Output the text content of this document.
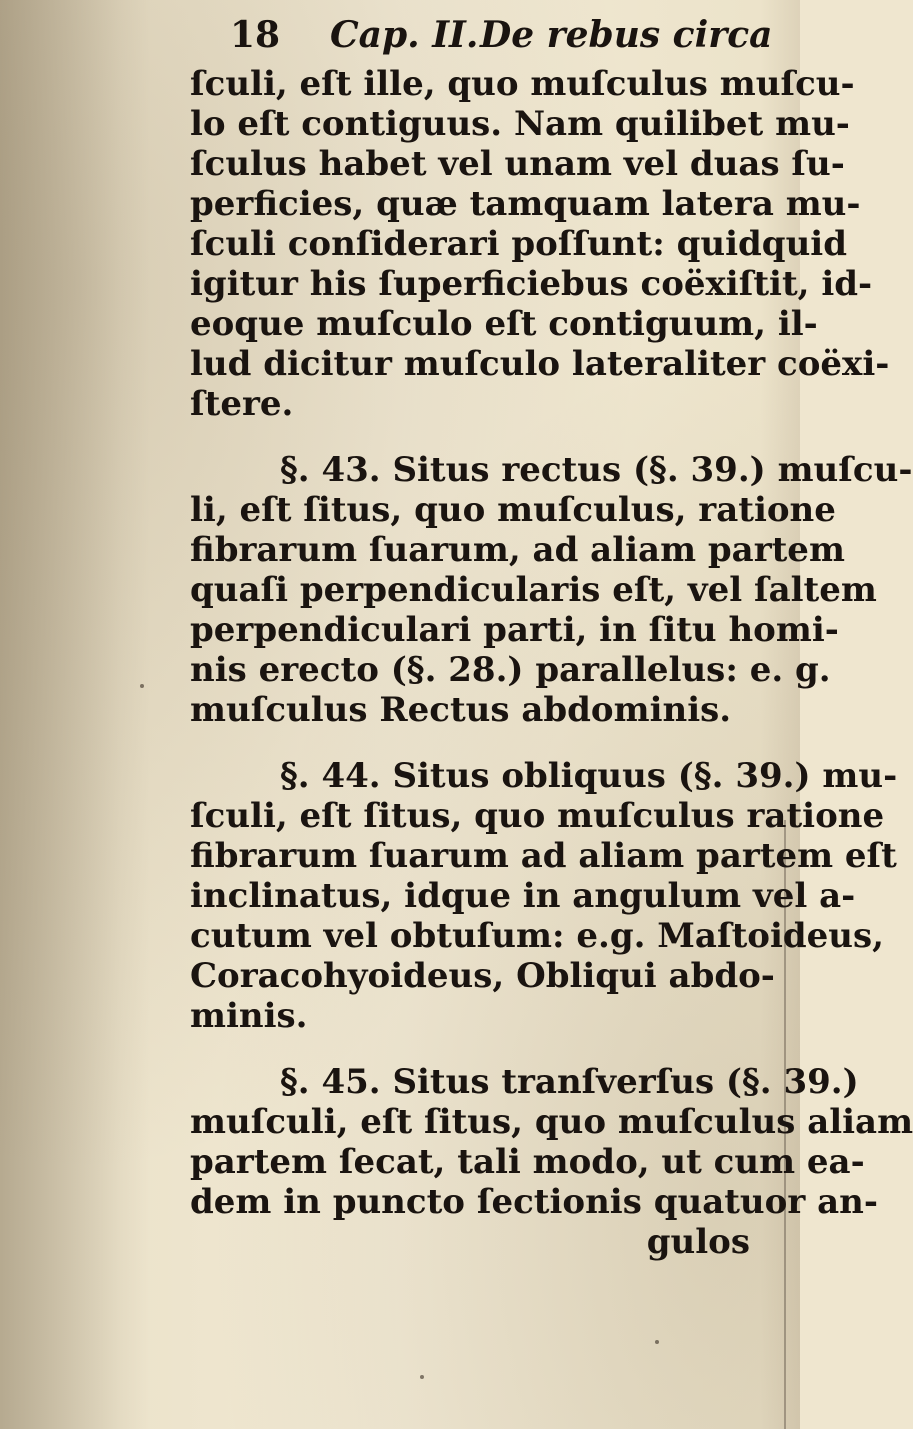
18 Cap. II. De rebus circa
ſculi, eſt ille, quo muſculus muſcu-
lo eſt contiguus. Nam quilibet mu-
ſculus habet vel unam vel duas ſu-
perficies, quæ tamquam latera mu-
ſculi conſiderari poſſunt: quidquid
igitur his ſuperficiebus coëxiſtit, id-
eoque muſculo eſt contiguum, il-
lud dicitur muſculo lateraliter coëxi-
ſtere.
§. 43. Situs rectus (§. 39.) muſcu-
li, eſt ſitus, quo muſculus, ratione
fibrarum ſuarum, ad aliam partem
quaſi perpendicularis eſt, vel ſaltem
perpendiculari parti, in ſitu homi-
nis erecto (§. 28.) parallelus: e. g.
muſculus Rectus abdominis.
§. 44. Situs obliquus (§. 39.) mu-
ſculi, eſt ſitus, quo muſculus ratione
fibrarum ſuarum ad aliam partem eſt
inclinatus, idque in angulum vel a-
cutum vel obtuſum: e.g. Maſtoideus,
Coracohyoideus, Obliqui abdo-
minis.
§. 45. Situs tranſverſus (§. 39.)
muſculi, eſt ſitus, quo muſculus aliam
partem ſecat, tali modo, ut cum ea-
dem in puncto ſectionis quatuor an-
gulos
